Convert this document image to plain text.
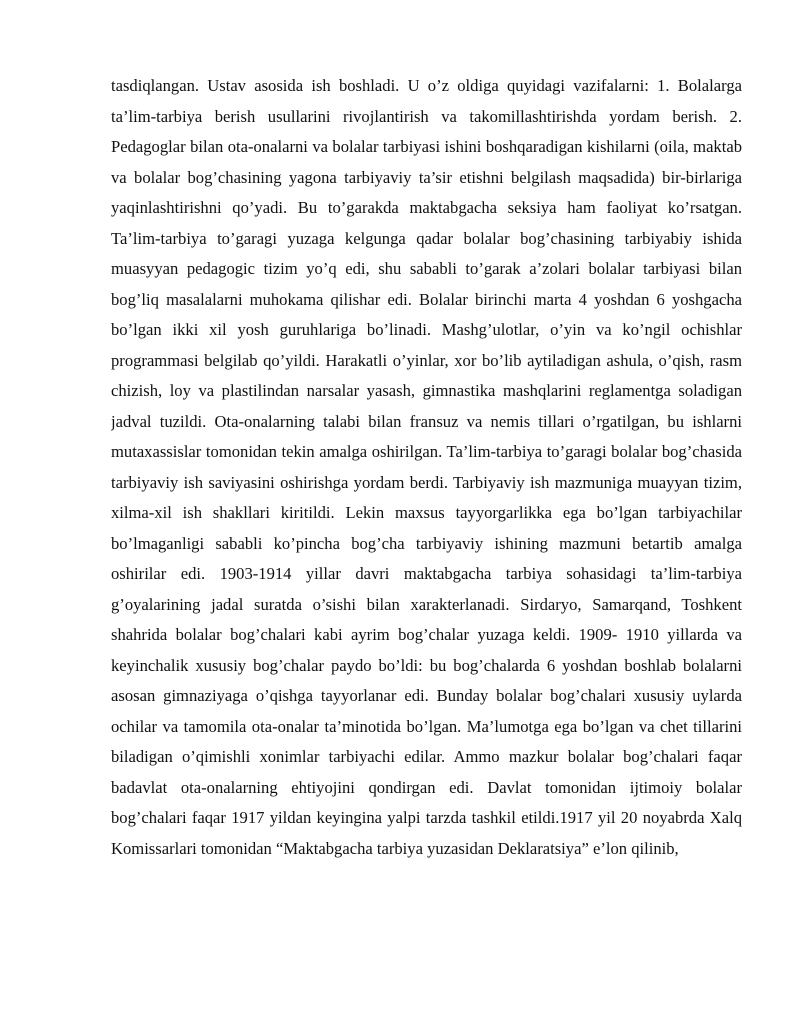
tasdiqlangan. Ustav asosida ish boshladi. U o’z oldiga quyidagi vazifalarni: 1. Bolalarga ta’lim-tarbiya berish usullarini rivojlantirish va takomillashtirishda yordam berish. 2. Pedagoglar bilan ota-onalarni va bolalar tarbiyasi ishini boshqaradigan kishilarni (oila, maktab va bolalar bog’chasining yagona tarbiyaviy ta’sir etishni belgilash maqsadida) bir-birlariga yaqinlashtirishni qo’yadi. Bu to’garakda maktabgacha seksiya ham faoliyat ko’rsatgan. Ta’lim-tarbiya to’garagi yuzaga kelgunga qadar bolalar bog’chasining tarbiyabiy ishida muasyyan pedagogic tizim yo’q edi, shu sababli to’garak a’zolari bolalar tarbiyasi bilan bog’liq masalalarni muhokama qilishar edi. Bolalar birinchi marta 4 yoshdan 6 yoshgacha bo’lgan ikki xil yosh guruhlariga bo’linadi. Mashg’ulotlar, o’yin va ko’ngil ochishlar programmasi belgilab qo’yildi. Harakatli o’yinlar, xor bo’lib aytiladigan ashula, o’qish, rasm chizish, loy va plastilindan narsalar yasash, gimnastika mashqlarini reglamentga soladigan jadval tuzildi. Ota-onalarning talabi bilan fransuz va nemis tillari o’rgatilgan, bu ishlarni mutaxassislar tomonidan tekin amalga oshirilgan. Ta’lim-tarbiya to’garagi bolalar bog’chasida tarbiyaviy ish saviyasini oshirishga yordam berdi. Tarbiyaviy ish mazmuniga muayyan tizim, xilma-xil ish shakllari kiritildi. Lekin maxsus tayyorgarlikka ega bo’lgan tarbiyachilar bo’lmaganligi sababli ko’pincha bog’cha tarbiyaviy ishining mazmuni betartib amalga oshirilar edi. 1903-1914 yillar davri maktabgacha tarbiya sohasidagi ta’lim-tarbiya g’oyalarining jadal suratda o’sishi bilan xarakterlanadi. Sirdaryo, Samarqand, Toshkent shahrida bolalar bog’chalari kabi ayrim bog’chalar yuzaga keldi. 1909- 1910 yillarda va keyinchalik xususiy bog’chalar paydo bo’ldi: bu bog’chalarda 6 yoshdan boshlab bolalarni asosan gimnaziyaga o’qishga tayyorlanar edi. Bunday bolalar bog’chalari xususiy uylarda ochilar va tamomila ota-onalar ta’minotida bo’lgan. Ma’lumotga ega bo’lgan va chet tillarini biladigan o’qimishli xonimlar tarbiyachi edilar. Ammo mazkur bolalar bog’chalari faqar badavlat ota-onalarning ehtiyojini qondirgan edi. Davlat tomonidan ijtimoiy bolalar bog’chalari faqar 1917 yildan keyingina yalpi tarzda tashkil etildi.1917 yil 20 noyabrda Xalq Komissarlari tomonidan “Maktabgacha tarbiya yuzasidan Deklaratsiya” e’lon qilinib,
